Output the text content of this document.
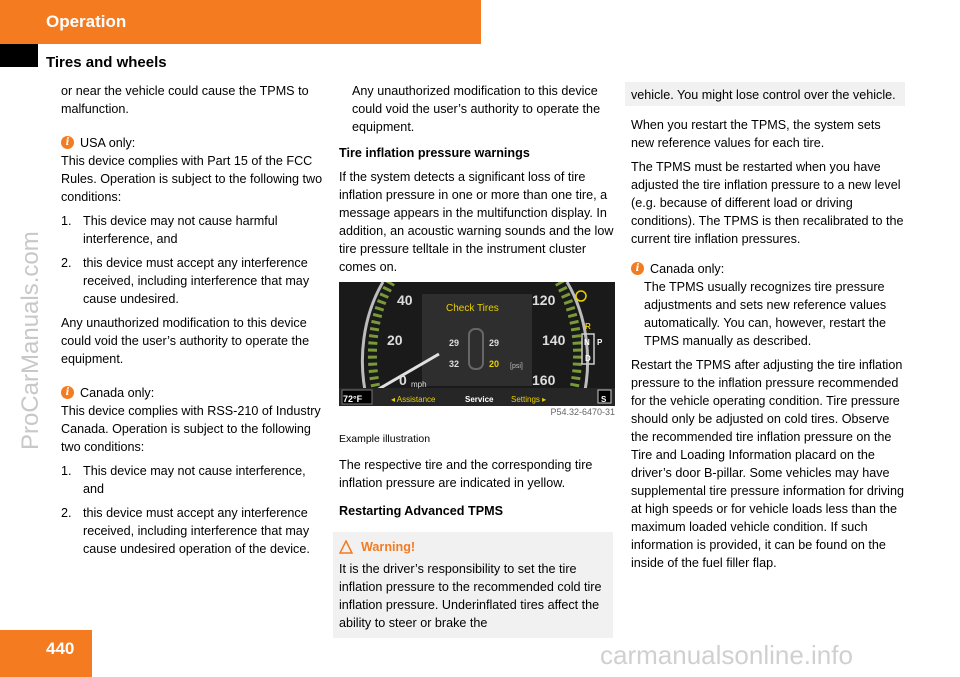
Operation
Tires and wheels
ProCarManuals.com

or near the vehicle could cause the TPMS to malfunction.

i USA only:

This device complies with Part 15 of the FCC Rules. Operation is subject to the following two conditions:

1. This device may not cause harmful interference, and
2. this device must accept any interference received, including interference that may cause undesired.

Any unauthorized modification to this device could void the user’s authority to operate the equipment.

i Canada only:

This device complies with RSS-210 of Industry Canada. Operation is subject to the following two conditions:

1. This device may not cause interference, and
2. this device must accept any interference received, including interference that may cause undesired operation of the device.

Any unauthorized modification to this device could void the user’s authority to operate the equipment.

Tire inflation pressure warnings

If the system detects a significant loss of tire inflation pressure in one or more than one tire, a message appears in the multifunction display. In addition, an acoustic warning sounds and the low tire pressure telltale in the instrument cluster comes on.

40
20
0 mph
120
140
160
Check Tires
29	29
32	20 [psi]
72°F	◂ Assistance	Service Settings ▸
R
N P
D
S
P54.32-6470-31
Example illustration

The respective tire and the corresponding tire inflation pressure are indicated in yellow.

Restarting Advanced TPMS
Warning!
It is the driver’s responsibility to set the tire inflation pressure to the recommended cold tire inflation pressure. Underinflated tires affect the ability to steer or brake the
vehicle. You might lose control over the vehicle.

When you restart the TPMS, the system sets new reference values for each tire.

The TPMS must be restarted when you have adjusted the tire inflation pressure to a new level (e.g. because of different load or driving conditions). The TPMS is then recalibrated to the current tire inflation pressures.

i Canada only:

The TPMS usually recognizes tire pressure adjustments and sets new reference values automatically. You can, however, restart the TPMS manually as described.

Restart the TPMS after adjusting the tire inflation pressure to the inflation pressure recommended for the vehicle operating condition. Tire pressure should only be adjusted on cold tires. Observe the recommended tire inflation pressure on the Tire and Loading Information placard on the driver’s door B-pillar. Some vehicles may have supplemental tire pressure information for driving at high speeds or for vehicle loads less than the maximum loaded vehicle condition. If such information is provided, it can be found on the inside of the fuel filler flap.

440	carmanualsonline.info
